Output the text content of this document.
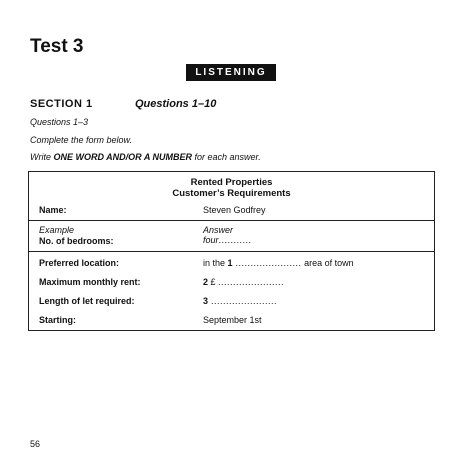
Test 3
LISTENING
SECTION 1	Questions 1–10
Questions 1–3
Complete the form below.
Write ONE WORD AND/OR A NUMBER for each answer.
Rented Properties
Customer’s Requirements
Name:	Steven Godfrey
Example	Answer
No. of bedrooms:	four...........
Preferred location:	in the 1 ...................... area of town
Maximum monthly rent:	2 £ ......................
Length of let required:	3 ......................
Starting:	September 1st
56
